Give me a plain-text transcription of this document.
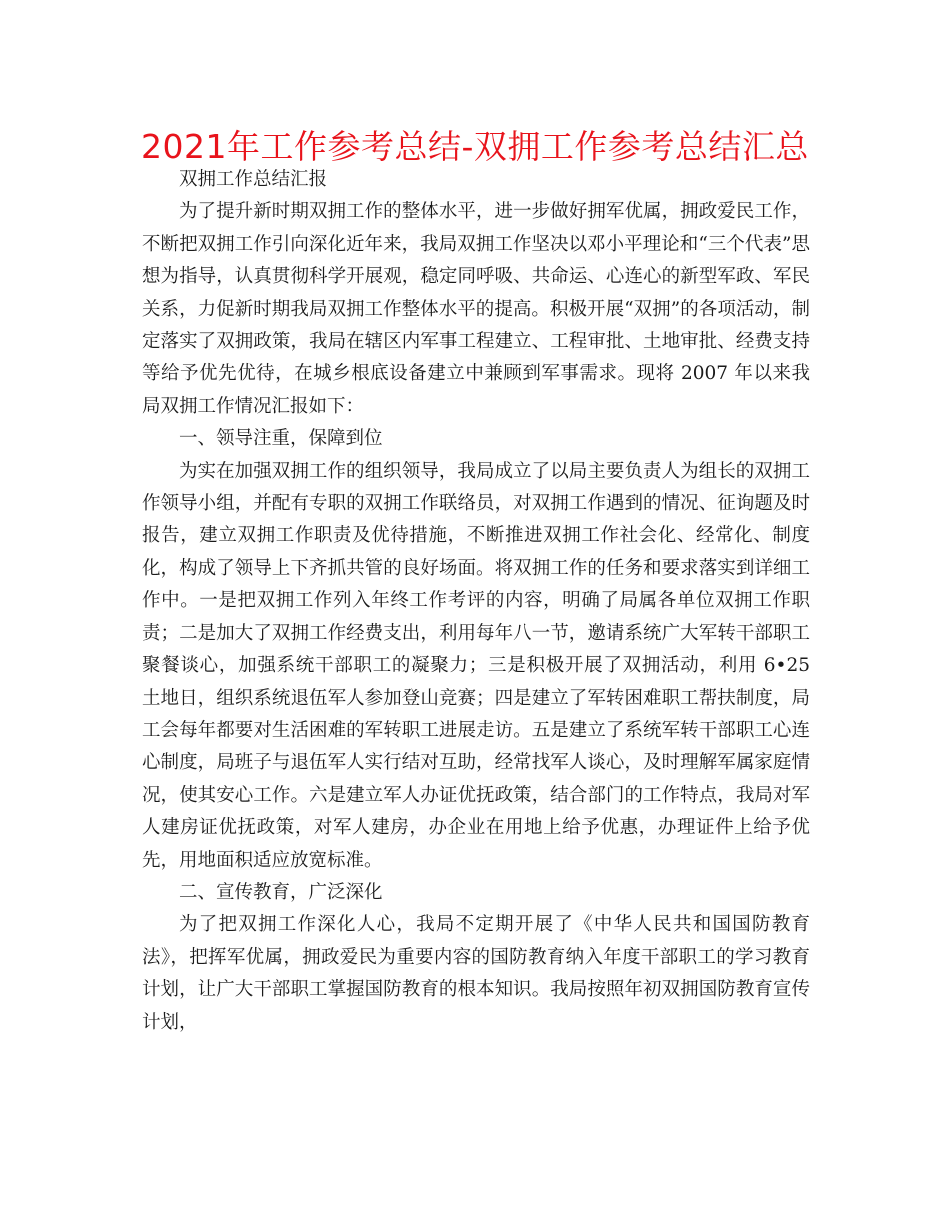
2021年工作参考总结-双拥工作参考总结汇总

双拥工作总结汇报

为了提升新时期双拥工作的整体水平，进一步做好拥军优属，拥政爱民工作，不断把双拥工作引向深化近年来，我局双拥工作坚决以邓小平理论和“三个代表”思想为指导，认真贯彻科学开展观，稳定同呼吸、共命运、心连心的新型军政、军民关系，力促新时期我局双拥工作整体水平的提高。积极开展“双拥”的各项活动，制定落实了双拥政策，我局在辖区内军事工程建立、工程审批、土地审批、经费支持等给予优先优待，在城乡根底设备建立中兼顾到军事需求。现将 2007 年以来我局双拥工作情况汇报如下：

一、领导注重，保障到位

为实在加强双拥工作的组织领导，我局成立了以局主要负责人为组长的双拥工作领导小组，并配有专职的双拥工作联络员，对双拥工作遇到的情况、征询题及时报告，建立双拥工作职责及优待措施，不断推进双拥工作社会化、经常化、制度化，构成了领导上下齐抓共管的良好场面。将双拥工作的任务和要求落实到详细工作中。一是把双拥工作列入年终工作考评的内容，明确了局属各单位双拥工作职责；二是加大了双拥工作经费支出，利用每年八一节，邀请系统广大军转干部职工聚餐谈心，加强系统干部职工的凝聚力；三是积极开展了双拥活动，利用 6•25 土地日，组织系统退伍军人参加登山竞赛；四是建立了军转困难职工帮扶制度，局工会每年都要对生活困难的军转职工进展走访。五是建立了系统军转干部职工心连心制度，局班子与退伍军人实行结对互助，经常找军人谈心，及时理解军属家庭情况，使其安心工作。六是建立军人办证优抚政策，结合部门的工作特点，我局对军人建房证优抚政策，对军人建房，办企业在用地上给予优惠，办理证件上给予优先，用地面积适应放宽标准。

二、宣传教育，广泛深化

为了把双拥工作深化人心，我局不定期开展了《中华人民共和国国防教育法》，把挥军优属，拥政爱民为重要内容的国防教育纳入年度干部职工的学习教育计划，让广大干部职工掌握国防教育的根本知识。我局按照年初双拥国防教育宣传计划，
